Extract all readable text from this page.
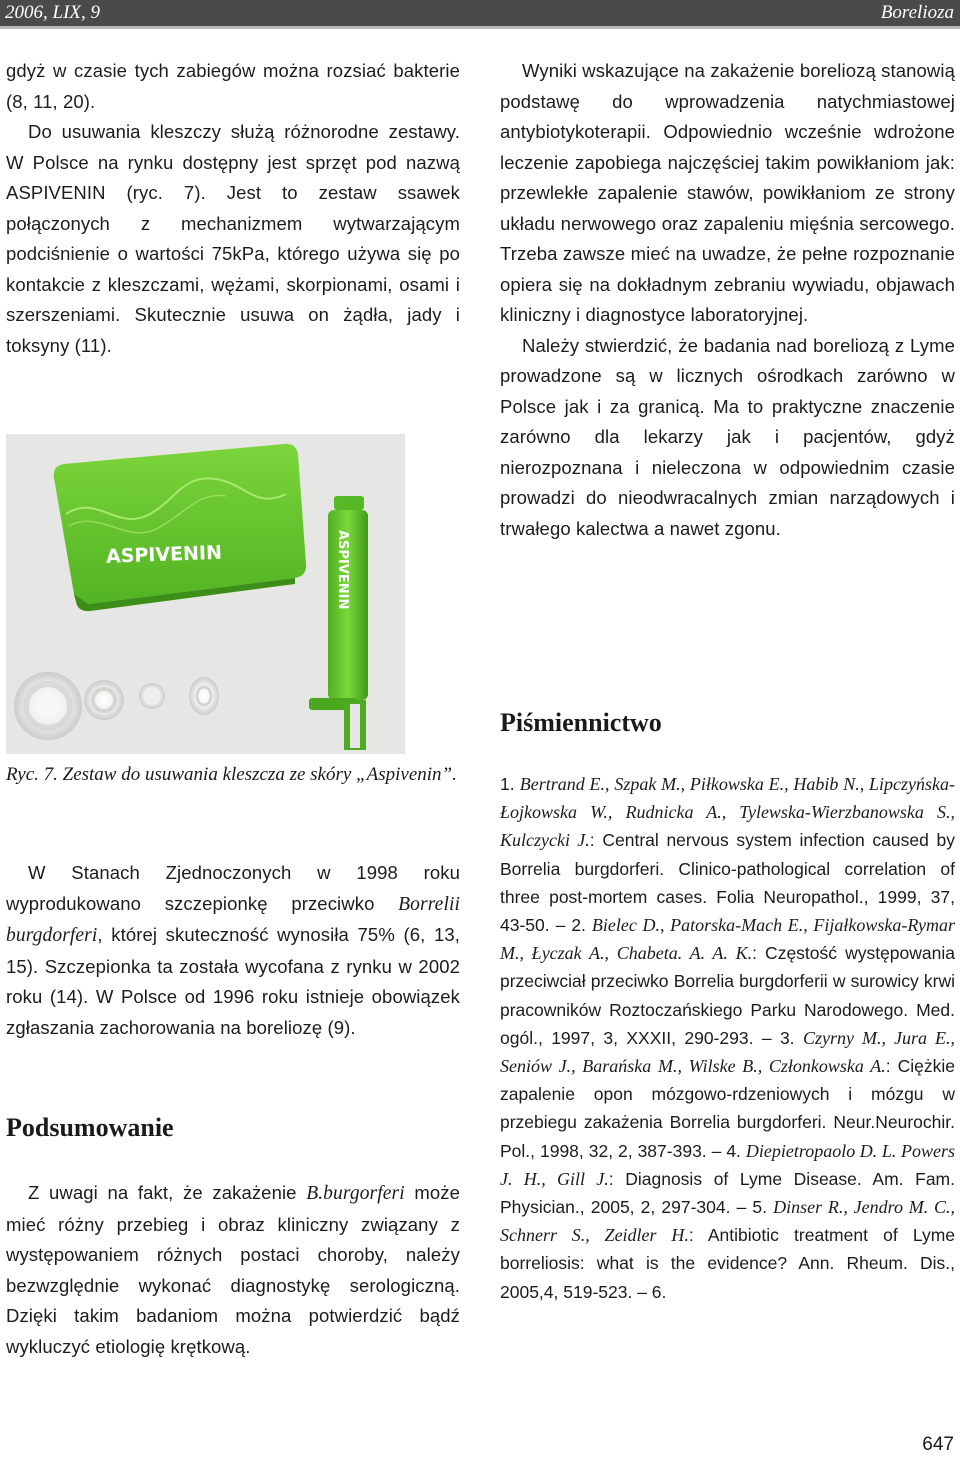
2006, LIX, 9	Borelioza

gdyż w czasie tych zabiegów można rozsiać bakterie (8, 11, 20).

Do usuwania kleszczy służą różnorodne zestawy. W Polsce na rynku dostępny jest sprzęt pod nazwą ASPIVENIN (ryc. 7). Jest to zestaw ssawek połączonych z mechanizmem wytwarzającym podciśnienie o wartości 75kPa, którego używa się po kontakcie z kleszczami, wężami, skorpionami, osami i szerszeniami. Skutecznie usuwa on żądła, jady i toksyny (11).

ASPIVENIN	ASPIVENIN

Ryc. 7. Zestaw do usuwania kleszcza ze skóry „Aspivenin”.

W Stanach Zjednoczonych w 1998 roku wyprodukowano szczepionkę przeciwko Borrelii burgdorferi, której skuteczność wynosiła 75% (6, 13, 15). Szczepionka ta została wycofana z rynku w 2002 roku (14). W Polsce od 1996 roku istnieje obowiązek zgłaszania zachorowania na boreliozę (9).

Podsumowanie

Z uwagi na fakt, że zakażenie B.burgorferi może mieć różny przebieg i obraz kliniczny związany z występowaniem różnych postaci choroby, należy bezwzględnie wykonać diagnostykę serologiczną. Dzięki takim badaniom można potwierdzić bądź wykluczyć etiologię krętkową.

Wyniki wskazujące na zakażenie boreliozą stanowią podstawę do wprowadzenia natychmiastowej antybiotykoterapii. Odpowiednio wcześnie wdrożone leczenie zapobiega najczęściej takim powikłaniom jak: przewlekłe zapalenie stawów, powikłaniom ze strony układu nerwowego oraz zapaleniu mięśnia sercowego. Trzeba zawsze mieć na uwadze, że pełne rozpoznanie opiera się na dokładnym zebraniu wywiadu, objawach kliniczny i diagnostyce laboratoryjnej.

Należy stwierdzić, że badania nad boreliozą z Lyme prowadzone są w licznych ośrodkach zarówno w Polsce jak i za granicą. Ma to praktyczne znaczenie zarówno dla lekarzy jak i pacjentów, gdyż nierozpoznana i nieleczona w odpowiednim czasie prowadzi do nieodwracalnych zmian narządowych i trwałego kalectwa a nawet zgonu.

Piśmiennictwo

1. Bertrand E., Szpak M., Piłkowska E., Habib N., Lipczyńska-Łojkowska W., Rudnicka A., Tylewska-Wierzbanowska S., Kulczycki J.: Central nervous system infection caused by Borrelia burgdorferi. Clinico-pathological correlation of three post-mortem cases. Folia Neuropathol., 1999, 37, 43-50. – 2. Bielec D., Patorska-Mach E., Fijałkowska-Rymar M., Łyczak A., Chabeta. A. A. K.: Częstość występowania przeciwciał przeciwko Borrelia burgdorferii w surowicy krwi pracowników Roztoczańskiego Parku Narodowego. Med. ogól., 1997, 3, XXXII, 290-293. – 3. Czyrny M., Jura E., Seniów J., Barańska M., Wilske B., Członkowska A.: Ciężkie zapalenie opon mózgowo-rdzeniowych i mózgu w przebiegu zakażenia Borrelia burgdorferi. Neur.Neurochir. Pol., 1998, 32, 2, 387-393. – 4. Diepietropaolo D. L. Powers J. H., Gill J.: Diagnosis of Lyme Disease. Am. Fam. Physician., 2005, 2, 297-304. – 5. Dinser R., Jendro M. C., Schnerr S., Zeidler H.: Antibiotic treatment of Lyme borreliosis: what is the evidence? Ann. Rheum. Dis., 2005,4, 519-523. – 6.

647
